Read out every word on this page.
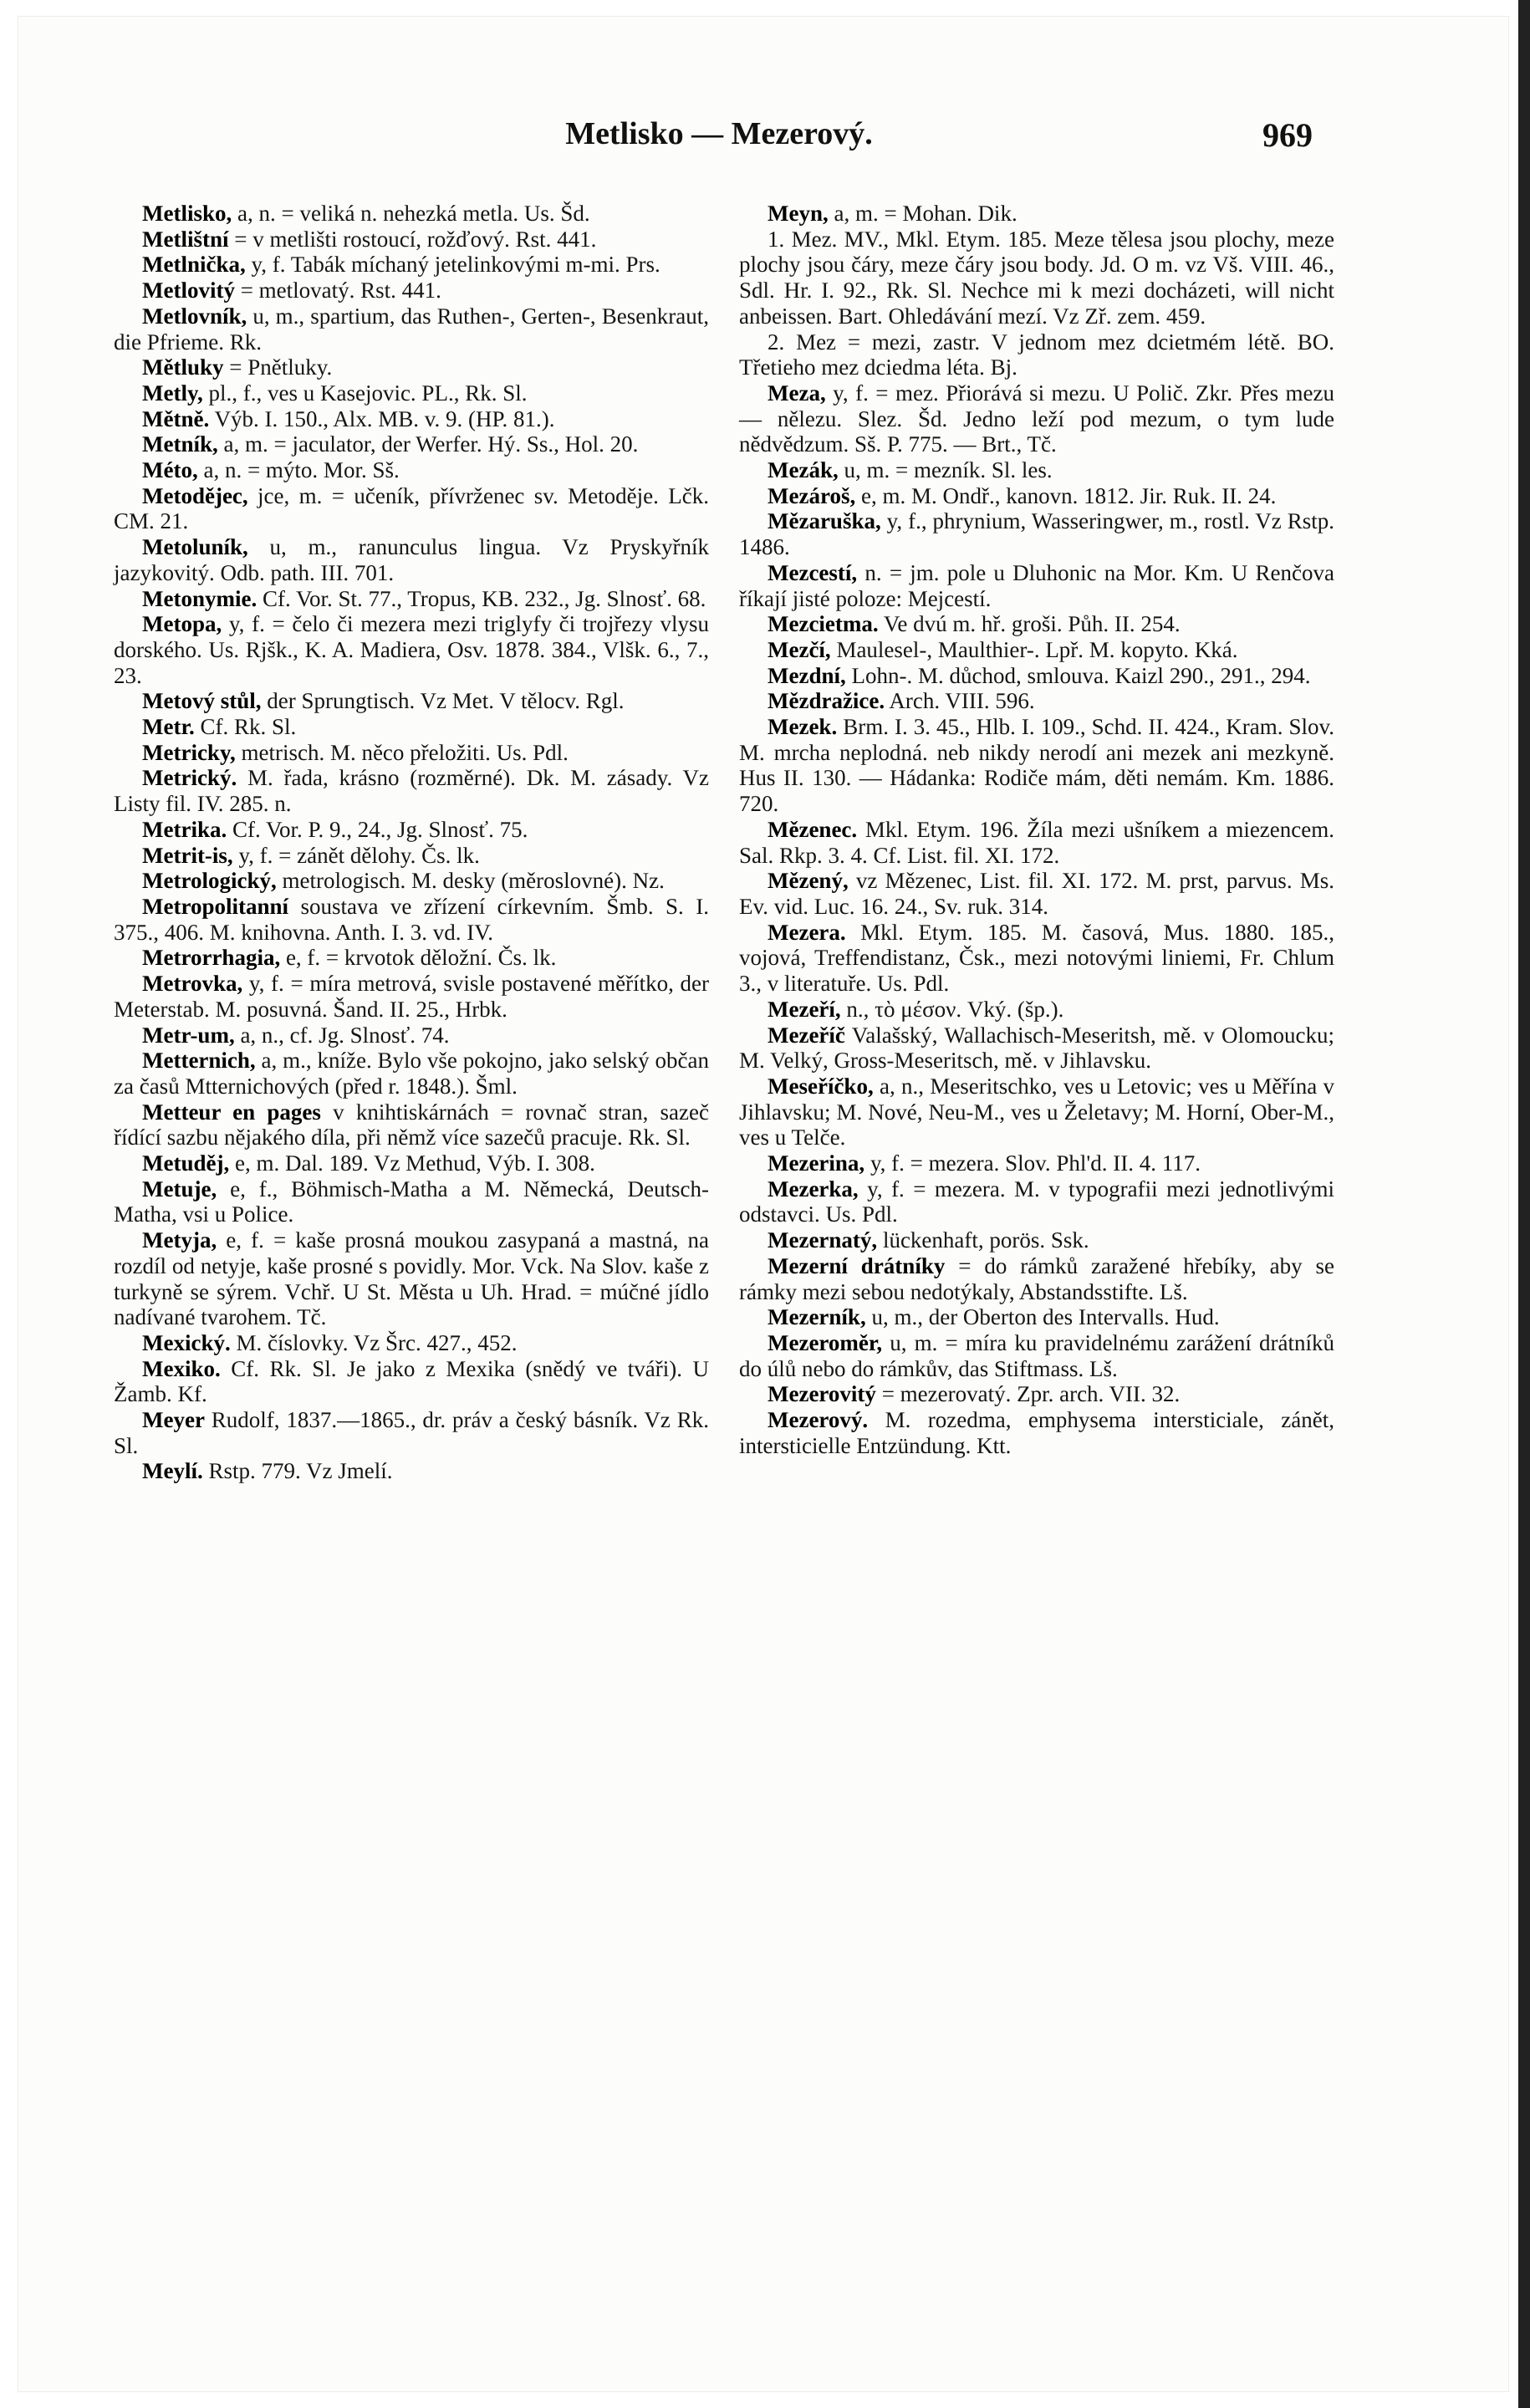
Metlisko — Mezerový.	969

Metlisko, a, n. = veliká n. nehezká metla. Us. Šd.

Metlištní = v metlišti rostoucí, rožďový. Rst. 441.

Metlnička, y, f. Tabák míchaný jetelinkovými m-mi. Prs.

Metlovitý = metlovatý. Rst. 441.

Metlovník, u, m., spartium, das Ruthen-, Gerten-, Besenkraut, die Pfrieme. Rk.

Mětluky = Pnětluky.

Metly, pl., f., ves u Kasejovic. PL., Rk. Sl.

Mětně. Výb. I. 150., Alx. MB. v. 9. (HP. 81.).

Metník, a, m. = jaculator, der Werfer. Hý. Ss., Hol. 20.

Méto, a, n. = mýto. Mor. Sš.

Metodějec, jce, m. = učeník, přívrženec sv. Metoděje. Lčk. CM. 21.

Metoluník, u, m., ranunculus lingua. Vz Pryskyřník jazykovitý. Odb. path. III. 701.

Metonymie. Cf. Vor. St. 77., Tropus, KB. 232., Jg. Slnosť. 68.

Metopa, y, f. = čelo či mezera mezi triglyfy či trojřezy vlysu dorského. Us. Rjšk., K. A. Madiera, Osv. 1878. 384., Vlšk. 6., 7., 23.

Metový stůl, der Sprungtisch. Vz Met. V tělocv. Rgl.

Metr. Cf. Rk. Sl.

Metricky, metrisch. M. něco přeložiti. Us. Pdl.

Metrický. M. řada, krásno (rozměrné). Dk. M. zásady. Vz Listy fil. IV. 285. n.

Metrika. Cf. Vor. P. 9., 24., Jg. Slnosť. 75.

Metrit-is, y, f. = zánět dělohy. Čs. lk.

Metrologický, metrologisch. M. desky (měroslovné). Nz.

Metropolitanní soustava ve zřízení církevním. Šmb. S. I. 375., 406. M. knihovna. Anth. I. 3. vd. IV.

Metrorrhagia, e, f. = krvotok děložní. Čs. lk.

Metrovka, y, f. = míra metrová, svisle postavené měřítko, der Meterstab. M. posuvná. Šand. II. 25., Hrbk.

Metr-um, a, n., cf. Jg. Slnosť. 74.

Metternich, a, m., kníže. Bylo vše pokojno, jako selský občan za časů Mtternichových (před r. 1848.). Šml.

Metteur en pages v knihtiskárnách = rovnač stran, sazeč řídící sazbu nějakého díla, při němž více sazečů pracuje. Rk. Sl.

Metuděj, e, m. Dal. 189. Vz Methud, Výb. I. 308.

Metuje, e, f., Böhmisch-Matha a M. Německá, Deutsch-Matha, vsi u Police.

Metyja, e, f. = kaše prosná moukou zasypaná a mastná, na rozdíl od netyje, kaše prosné s povidly. Mor. Vck. Na Slov. kaše z turkyně se sýrem. Vchř. U St. Města u Uh. Hrad. = múčné jídlo nadívané tvarohem. Tč.

Mexický. M. číslovky. Vz Šrc. 427., 452.

Mexiko. Cf. Rk. Sl. Je jako z Mexika (snědý ve tváři). U Žamb. Kf.

Meyer Rudolf, 1837.—1865., dr. práv a český básník. Vz Rk. Sl.

Meylí. Rstp. 779. Vz Jmelí.

Meyn, a, m. = Mohan. Dik.

1. Mez. MV., Mkl. Etym. 185. Meze tělesa jsou plochy, meze plochy jsou čáry, meze čáry jsou body. Jd. O m. vz Vš. VIII. 46., Sdl. Hr. I. 92., Rk. Sl. Nechce mi k mezi docházeti, will nicht anbeissen. Bart. Ohledávání mezí. Vz Zř. zem. 459.

2. Mez = mezi, zastr. V jednom mez dcietmém létě. BO. Třetieho mez dciedma léta. Bj.

Meza, y, f. = mez. Přiorává si mezu. U Polič. Zkr. Přes mezu — nělezu. Slez. Šd. Jedno leží pod mezum, o tym lude nědvědzum. Sš. P. 775. — Brt., Tč.

Mezák, u, m. = mezník. Sl. les.

Mezároš, e, m. M. Ondř., kanovn. 1812. Jir. Ruk. II. 24.

Mězaruška, y, f., phrynium, Wasseringwer, m., rostl. Vz Rstp. 1486.

Mezcestí, n. = jm. pole u Dluhonic na Mor. Km. U Renčova říkají jisté poloze: Mejcestí.

Mezcietma. Ve dvú m. hř. groši. Půh. II. 254.

Mezčí, Maulesel-, Maulthier-. Lpř. M. kopyto. Kká.

Mezdní, Lohn-. M. důchod, smlouva. Kaizl 290., 291., 294.

Mězdražice. Arch. VIII. 596.

Mezek. Brm. I. 3. 45., Hlb. I. 109., Schd. II. 424., Kram. Slov. M. mrcha neplodná. neb nikdy nerodí ani mezek ani mezkyně. Hus II. 130. — Hádanka: Rodiče mám, děti nemám. Km. 1886. 720.

Mězenec. Mkl. Etym. 196. Žíla mezi ušníkem a miezencem. Sal. Rkp. 3. 4. Cf. List. fil. XI. 172.

Mězený, vz Mězenec, List. fil. XI. 172. M. prst, parvus. Ms. Ev. vid. Luc. 16. 24., Sv. ruk. 314.

Mezera. Mkl. Etym. 185. M. časová, Mus. 1880. 185., vojová, Treffendistanz, Čsk., mezi notovými liniemi, Fr. Chlum 3., v literatuře. Us. Pdl.

Mezeří, n., τὸ μέσον. Vký. (šp.).

Mezeříč Valašský, Wallachisch-Meseritsh, mě. v Olomoucku; M. Velký, Gross-Meseritsch, mě. v Jihlavsku.

Meseříčko, a, n., Meseritschko, ves u Letovic; ves u Měřína v Jihlavsku; M. Nové, Neu-M., ves u Želetavy; M. Horní, Ober-M., ves u Telče.

Mezerina, y, f. = mezera. Slov. Phl'd. II. 4. 117.

Mezerka, y, f. = mezera. M. v typografii mezi jednotlivými odstavci. Us. Pdl.

Mezernatý, lückenhaft, porös. Ssk.

Mezerní drátníky = do rámků zaražené hřebíky, aby se rámky mezi sebou nedotýkaly, Abstandsstifte. Lš.

Mezerník, u, m., der Oberton des Intervalls. Hud.

Mezeroměr, u, m. = míra ku pravidelnému zarážení drátníků do úlů nebo do rámkův, das Stiftmass. Lš.

Mezerovitý = mezerovatý. Zpr. arch. VII. 32.

Mezerový. M. rozedma, emphysema intersticiale, zánět, intersticielle Entzündung. Ktt.
